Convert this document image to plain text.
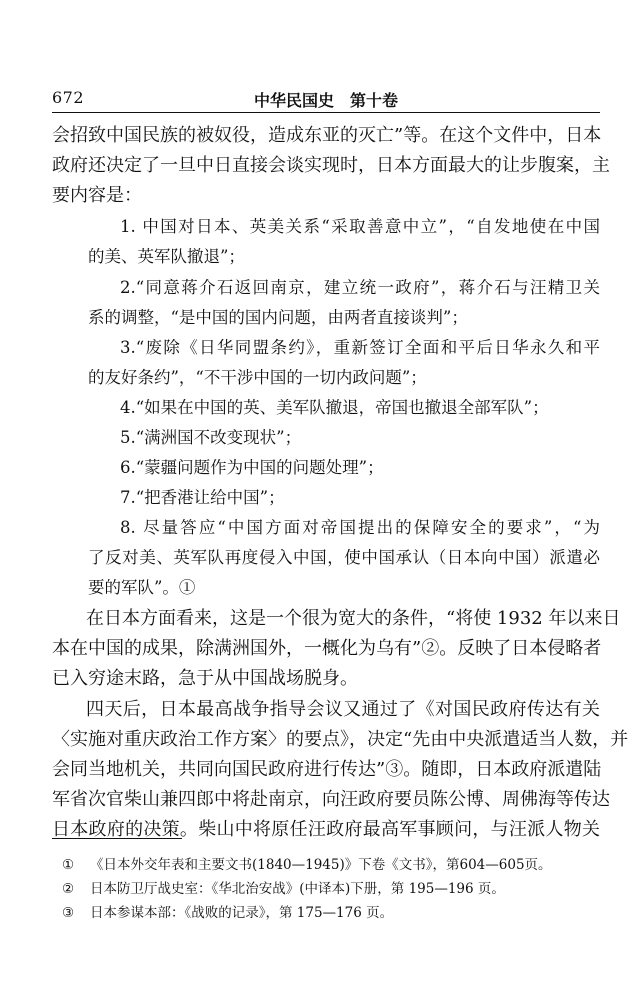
672	中华民国史　第十卷
会招致中国民族的被奴役，造成东亚的灭亡”等。在这个文件中，日本
政府还决定了一旦中日直接会谈实现时，日本方面最大的让步腹案，主
要内容是：
1. 中国对日本、英美关系“采取善意中立”，“自发地使在中国
的美、英军队撤退”；
2.“同意蒋介石返回南京，建立统一政府”，蒋介石与汪精卫关
系的调整，“是中国的国内问题，由两者直接谈判”；
3.“废除《日华同盟条约》，重新签订全面和平后日华永久和平
的友好条约”，“不干涉中国的一切内政问题”；
4.“如果在中国的英、美军队撤退，帝国也撤退全部军队”；
5.“满洲国不改变现状”；
6.“蒙疆问题作为中国的问题处理”；
7.“把香港让给中国”；
8. 尽量答应“中国方面对帝国提出的保障安全的要求”，“为
了反对美、英军队再度侵入中国，使中国承认（日本向中国）派遣必
要的军队”。①
在日本方面看来，这是一个很为宽大的条件，“将使 1932 年以来日
本在中国的成果，除满洲国外，一概化为乌有”②。反映了日本侵略者
已入穷途末路，急于从中国战场脱身。
四天后，日本最高战争指导会议又通过了《对国民政府传达有关
〈实施对重庆政治工作方案〉的要点》，决定“先由中央派遣适当人数，并
会同当地机关，共同向国民政府进行传达”③。随即，日本政府派遣陆
军省次官柴山兼四郎中将赴南京，向汪政府要员陈公博、周佛海等传达
日本政府的决策。柴山中将原任汪政府最高军事顾问，与汪派人物关
① 《日本外交年表和主要文书(1840—1945)》下卷《文书》，第604—605页。
② 日本防卫厅战史室：《华北治安战》(中译本)下册，第 195—196 页。
③ 日本参谋本部：《战败的记录》，第 175—176 页。
